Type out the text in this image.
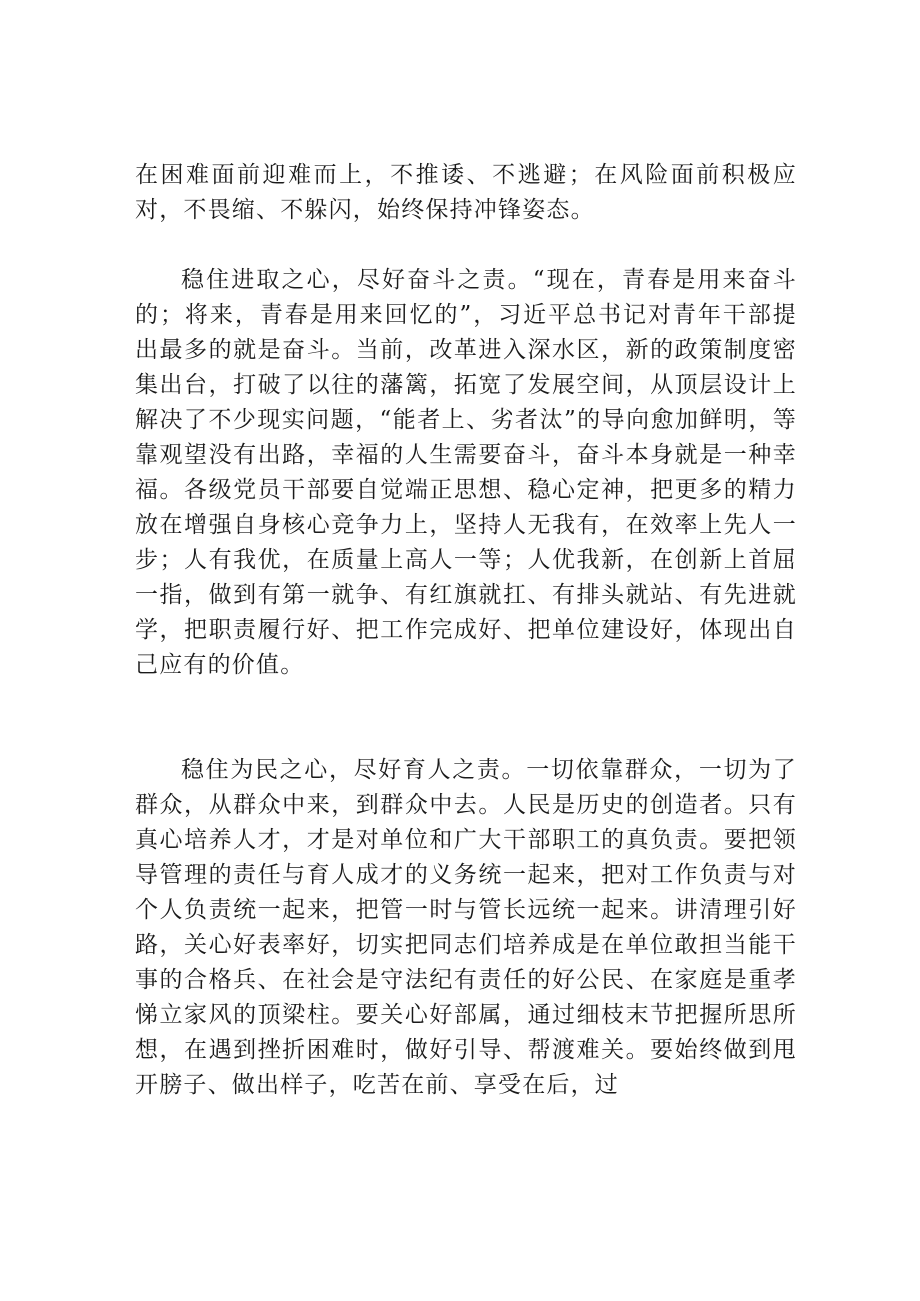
在困难面前迎难而上，不推诿、不逃避；在风险面前积极应对，不畏缩、不躲闪，始终保持冲锋姿态。

稳住进取之心，尽好奋斗之责。“现在，青春是用来奋斗的；将来，青春是用来回忆的”，习近平总书记对青年干部提出最多的就是奋斗。当前，改革进入深水区，新的政策制度密集出台，打破了以往的藩篱，拓宽了发展空间，从顶层设计上解决了不少现实问题，“能者上、劣者汰”的导向愈加鲜明，等靠观望没有出路，幸福的人生需要奋斗，奋斗本身就是一种幸福。各级党员干部要自觉端正思想、稳心定神，把更多的精力放在增强自身核心竞争力上，坚持人无我有，在效率上先人一步；人有我优，在质量上高人一等；人优我新，在创新上首屈一指，做到有第一就争、有红旗就扛、有排头就站、有先进就学，把职责履行好、把工作完成好、把单位建设好，体现出自己应有的价值。

稳住为民之心，尽好育人之责。一切依靠群众，一切为了群众，从群众中来，到群众中去。人民是历史的创造者。只有真心培养人才，才是对单位和广大干部职工的真负责。要把领导管理的责任与育人成才的义务统一起来，把对工作负责与对个人负责统一起来，把管一时与管长远统一起来。讲清理引好路，关心好表率好，切实把同志们培养成是在单位敢担当能干事的合格兵、在社会是守法纪有责任的好公民、在家庭是重孝悌立家风的顶梁柱。要关心好部属，通过细枝末节把握所思所想，在遇到挫折困难时，做好引导、帮渡难关。要始终做到甩开膀子、做出样子，吃苦在前、享受在后，过
